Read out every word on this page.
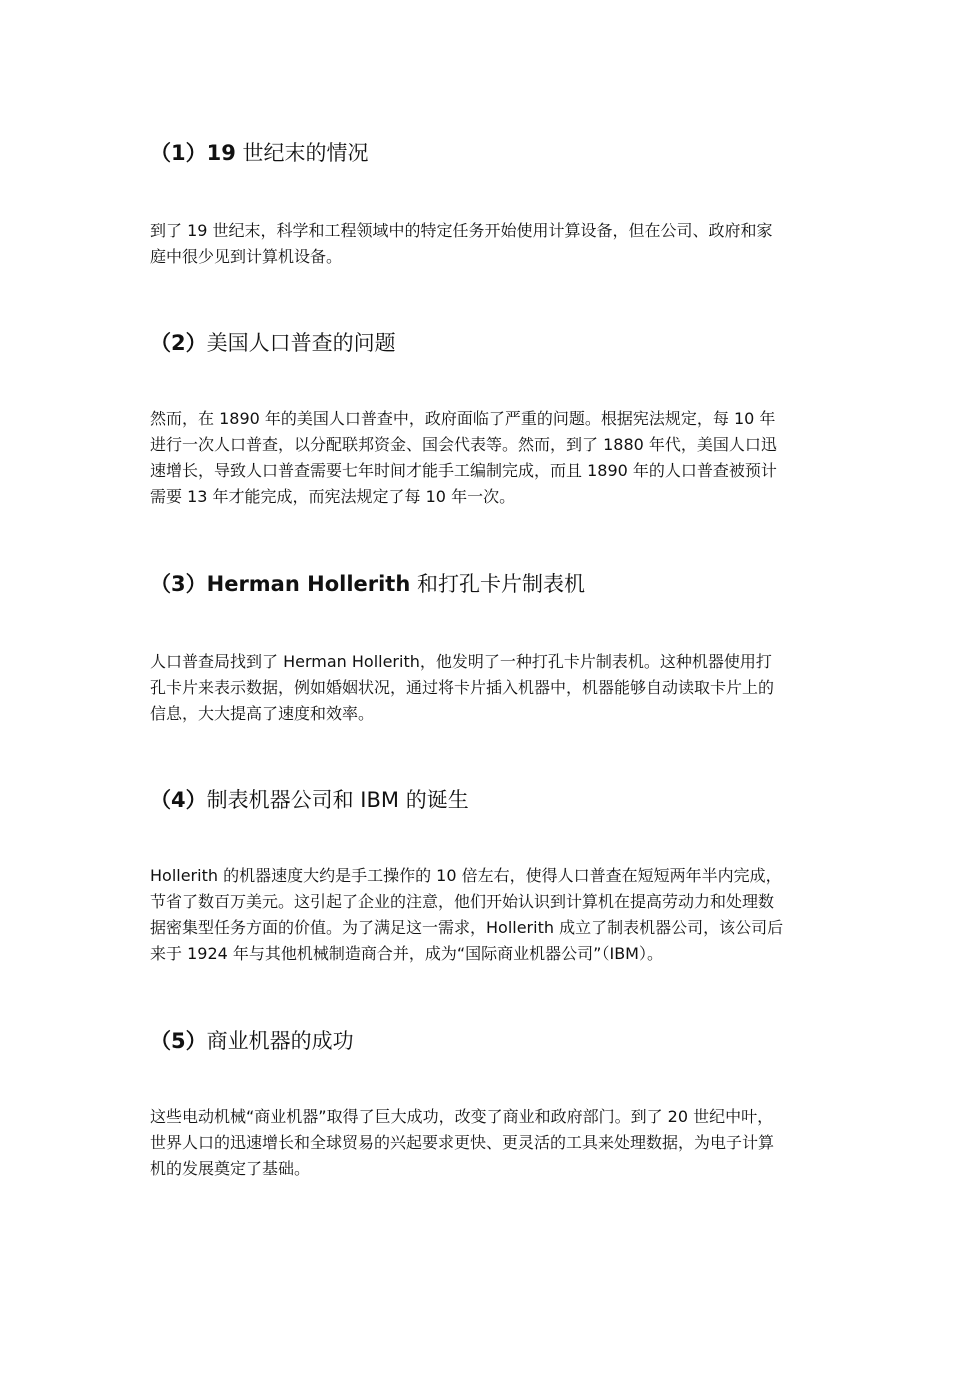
（1）19 世纪末的情况
到了 19 世纪末，科学和工程领域中的特定任务开始使用计算设备，但在公司、政府和家
庭中很少见到计算机设备。
（2）美国人口普查的问题
然而，在 1890 年的美国人口普查中，政府面临了严重的问题。根据宪法规定，每 10 年
进行一次人口普查，以分配联邦资金、国会代表等。然而，到了 1880 年代，美国人口迅
速增长，导致人口普查需要七年时间才能手工编制完成，而且 1890 年的人口普查被预计
需要 13 年才能完成，而宪法规定了每 10 年一次。
（3）Herman Hollerith 和打孔卡片制表机
人口普查局找到了 Herman Hollerith，他发明了一种打孔卡片制表机。这种机器使用打
孔卡片来表示数据，例如婚姻状况，通过将卡片插入机器中，机器能够自动读取卡片上的
信息，大大提高了速度和效率。
（4）制表机器公司和 IBM 的诞生
Hollerith 的机器速度大约是手工操作的 10 倍左右，使得人口普查在短短两年半内完成，
节省了数百万美元。这引起了企业的注意，他们开始认识到计算机在提高劳动力和处理数
据密集型任务方面的价值。为了满足这一需求，Hollerith 成立了制表机器公司，该公司后
来于 1924 年与其他机械制造商合并，成为“国际商业机器公司”（IBM）。
（5）商业机器的成功
这些电动机械“商业机器”取得了巨大成功，改变了商业和政府部门。到了 20 世纪中叶，
世界人口的迅速增长和全球贸易的兴起要求更快、更灵活的工具来处理数据，为电子计算
机的发展奠定了基础。
